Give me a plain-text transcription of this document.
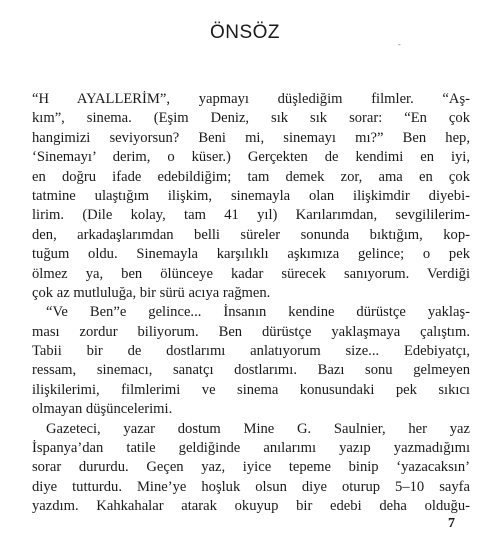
ÖNSÖZ
-
“H AYALLERİM”, yapmayı düşlediğim filmler. “Aş-
kım”, sinema. (Eşim Deniz, sık sık sorar: “En çok
hangimizi seviyorsun? Beni mi, sinemayı mı?” Ben hep,
‘Sinemayı’ derim, o küser.) Gerçekten de kendimi en iyi,
en doğru ifade edebildiğim; tam demek zor, ama en çok
tatmine ulaştığım ilişkim, sinemayla olan ilişkimdir diyebi-
lirim. (Dile kolay, tam 41 yıl) Karılarımdan, sevgililerim-
den, arkadaşlarımdan belli süreler sonunda bıktığım, kop-
tuğum oldu. Sinemayla karşılıklı aşkımıza gelince; o pek
ölmez ya, ben ölünceye kadar sürecek sanıyorum. Verdiği
çok az mutluluğa, bir sürü acıya rağmen.
“Ve Ben”e gelince... İnsanın kendine dürüstçe yaklaş-
ması zordur biliyorum. Ben dürüstçe yaklaşmaya çalıştım.
Tabii bir de dostlarımı anlatıyorum size... Edebiyatçı,
ressam, sinemacı, sanatçı dostlarımı. Bazı sonu gelmeyen
ilişkilerimi, filmlerimi ve sinema konusundaki pek sıkıcı
olmayan düşüncelerimi.
Gazeteci, yazar dostum Mine G. Saulnier, her yaz
İspanya’dan tatile geldiğinde anılarımı yazıp yazmadığımı
sorar dururdu. Geçen yaz, iyice tepeme binip ‘yazacaksın’
diye tutturdu. Mine’ye hoşluk olsun diye oturup 5–10 sayfa
yazdım. Kahkahalar atarak okuyup bir edebi deha olduğu-
7
